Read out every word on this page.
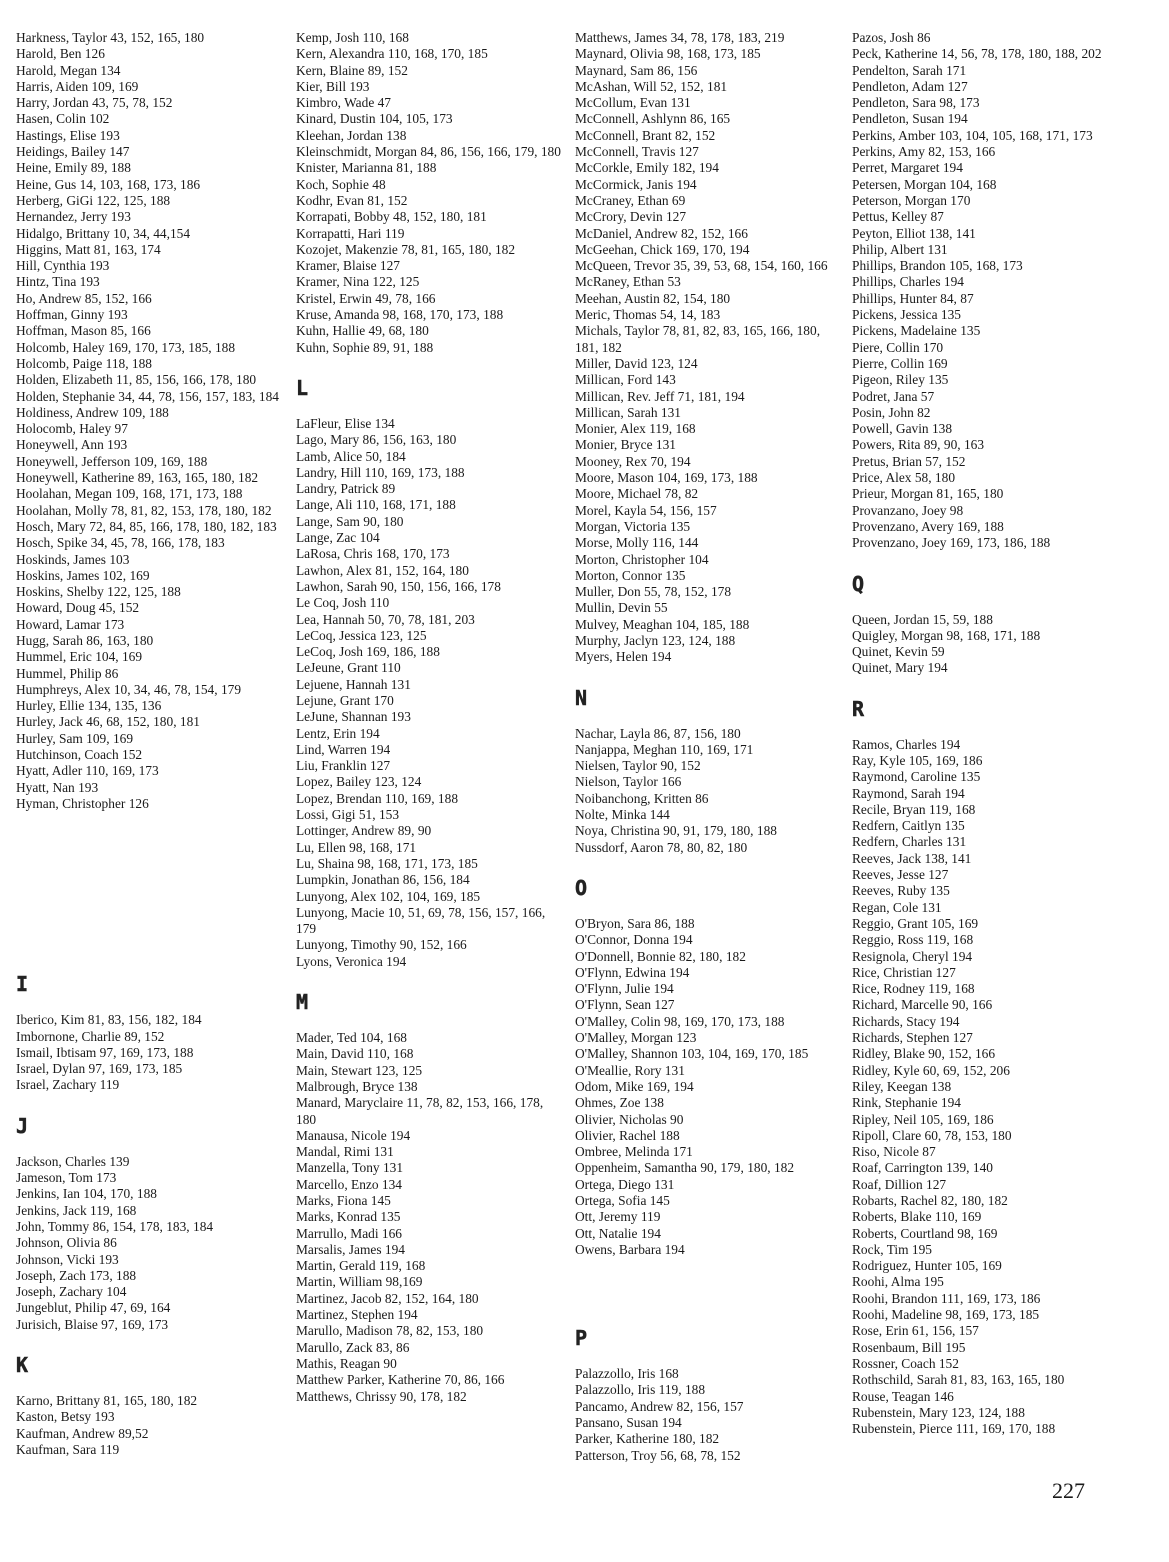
Harkness, Taylor 43, 152, 165, 180
Harold, Ben 126
Harold, Megan 134
Harris, Aiden 109, 169
Harry, Jordan 43, 75, 78, 152
Hasen, Colin 102
Hastings, Elise 193
Heidings, Bailey 147
Heine, Emily 89, 188
Heine, Gus 14, 103, 168, 173, 186
Herberg, GiGi 122, 125, 188
Hernandez, Jerry 193
Hidalgo, Brittany 10, 34, 44,154
Higgins, Matt 81, 163, 174
Hill, Cynthia 193
Hintz, Tina 193
Ho, Andrew 85, 152, 166
Hoffman, Ginny 193
Hoffman, Mason 85, 166
Holcomb, Haley 169, 170, 173, 185, 188
Holcomb, Paige 118, 188
Holden, Elizabeth 11, 85, 156, 166, 178, 180
Holden, Stephanie 34, 44, 78, 156, 157, 183, 184
Holdiness, Andrew 109, 188
Holocomb, Haley 97
Honeywell, Ann 193
Honeywell, Jefferson 109, 169, 188
Honeywell, Katherine 89, 163, 165, 180, 182
Hoolahan, Megan 109, 168, 171, 173, 188
Hoolahan, Molly 78, 81, 82, 153, 178, 180, 182
Hosch, Mary 72, 84, 85, 166, 178, 180, 182, 183
Hosch, Spike 34, 45, 78, 166, 178, 183
Hoskinds, James 103
Hoskins, James 102, 169
Hoskins, Shelby 122, 125, 188
Howard, Doug 45, 152
Howard, Lamar 173
Hugg, Sarah 86, 163, 180
Hummel, Eric 104, 169
Hummel, Philip 86
Humphreys, Alex 10, 34, 46, 78, 154, 179
Hurley, Ellie 134, 135, 136
Hurley, Jack 46, 68, 152, 180, 181
Hurley, Sam 109, 169
Hutchinson, Coach 152
Hyatt, Adler 110, 169, 173
Hyatt, Nan 193
Hyman, Christopher 126
I
Iberico, Kim 81, 83, 156, 182, 184
Imbornone, Charlie 89, 152
Ismail, Ibtisam 97, 169, 173, 188
Israel, Dylan 97, 169, 173, 185
Israel, Zachary 119
J
Jackson, Charles 139
Jameson, Tom 173
Jenkins, Ian 104, 170, 188
Jenkins, Jack 119, 168
John, Tommy 86, 154, 178, 183, 184
Johnson, Olivia 86
Johnson, Vicki 193
Joseph, Zach 173, 188
Joseph, Zachary 104
Jungeblut, Philip 47, 69, 164
Jurisich, Blaise 97, 169, 173
K
Karno, Brittany 81, 165, 180, 182
Kaston, Betsy 193
Kaufman, Andrew 89,52
Kaufman, Sara 119
Kemp, Josh 110, 168
Kern, Alexandra 110, 168, 170, 185
Kern, Blaine 89, 152
Kier, Bill 193
Kimbro, Wade 47
Kinard, Dustin 104, 105, 173
Kleehan, Jordan 138
Kleinschmidt, Morgan 84, 86, 156, 166, 179, 180
Knister, Marianna 81, 188
Koch, Sophie 48
Kodhr, Evan 81, 152
Korrapati, Bobby 48, 152, 180, 181
Korrapatti, Hari 119
Kozojet, Makenzie 78, 81, 165, 180, 182
Kramer, Blaise 127
Kramer, Nina 122, 125
Kristel, Erwin 49, 78, 166
Kruse, Amanda 98, 168, 170, 173, 188
Kuhn, Hallie 49, 68, 180
Kuhn, Sophie 89, 91, 188
L
LaFleur, Elise 134
Lago, Mary 86, 156, 163, 180
Lamb, Alice 50, 184
Landry, Hill 110, 169, 173, 188
Landry, Patrick 89
Lange, Ali 110, 168, 171, 188
Lange, Sam 90, 180
Lange, Zac 104
LaRosa, Chris 168, 170, 173
Lawhon, Alex 81, 152, 164, 180
Lawhon, Sarah 90, 150, 156, 166, 178
Le Coq, Josh 110
Lea, Hannah 50, 70, 78, 181, 203
LeCoq, Jessica 123, 125
LeCoq, Josh 169, 186, 188
LeJeune, Grant 110
Lejuene, Hannah 131
Lejune, Grant 170
LeJune, Shannan 193
Lentz, Erin 194
Lind, Warren 194
Liu, Franklin 127
Lopez, Bailey 123, 124
Lopez, Brendan 110, 169, 188
Lossi, Gigi 51, 153
Lottinger, Andrew 89, 90
Lu, Ellen 98, 168, 171
Lu, Shaina 98, 168, 171, 173, 185
Lumpkin, Jonathan 86, 156, 184
Lunyong, Alex 102, 104, 169, 185
Lunyong, Macie 10, 51, 69, 78, 156, 157, 166, 179
Lunyong, Timothy 90, 152, 166
Lyons, Veronica 194
M
Mader, Ted 104, 168
Main, David 110, 168
Main, Stewart 123, 125
Malbrough, Bryce 138
Manard, Maryclaire 11, 78, 82, 153, 166, 178, 180
Manausa, Nicole 194
Mandal, Rimi 131
Manzella, Tony 131
Marcello, Enzo 134
Marks, Fiona 145
Marks, Konrad 135
Marrullo, Madi 166
Marsalis, James 194
Martin, Gerald 119, 168
Martin, William 98,169
Martinez, Jacob 82, 152, 164, 180
Martinez, Stephen 194
Marullo, Madison 78, 82, 153, 180
Marullo, Zack 83, 86
Mathis, Reagan 90
Matthew Parker, Katherine 70, 86, 166
Matthews, Chrissy 90, 178, 182
Matthews, James 34, 78, 178, 183, 219
Maynard, Olivia 98, 168, 173, 185
Maynard, Sam 86, 156
McAshan, Will 52, 152, 181
McCollum, Evan 131
McConnell, Ashlynn 86, 165
McConnell, Brant 82, 152
McConnell, Travis 127
McCorkle, Emily 182, 194
McCormick, Janis 194
McCraney, Ethan 69
McCrory, Devin 127
McDaniel, Andrew 82, 152, 166
McGeehan, Chick 169, 170, 194
McQueen, Trevor 35, 39, 53, 68, 154, 160, 166
McRaney, Ethan 53
Meehan, Austin 82, 154, 180
Meric, Thomas 54, 14, 183
Michals, Taylor 78, 81, 82, 83, 165, 166, 180, 181, 182
Miller, David 123, 124
Millican, Ford 143
Millican, Rev. Jeff 71, 181, 194
Millican, Sarah 131
Monier, Alex 119, 168
Monier, Bryce 131
Mooney, Rex 70, 194
Moore, Mason 104, 169, 173, 188
Moore, Michael 78, 82
Morel, Kayla 54, 156, 157
Morgan, Victoria 135
Morse, Molly 116, 144
Morton, Christopher 104
Morton, Connor 135
Muller, Don 55, 78, 152, 178
Mullin, Devin 55
Mulvey, Meaghan 104, 185, 188
Murphy, Jaclyn 123, 124, 188
Myers, Helen 194
N
Nachar, Layla 86, 87, 156, 180
Nanjappa, Meghan 110, 169, 171
Nielsen, Taylor 90, 152
Nielson, Taylor 166
Noibanchong, Kritten 86
Nolte, Minka 144
Noya, Christina 90, 91, 179, 180, 188
Nussdorf, Aaron 78, 80, 82, 180
O
O'Bryon, Sara 86, 188
O'Connor, Donna 194
O'Donnell, Bonnie 82, 180, 182
O'Flynn, Edwina 194
O'Flynn, Julie 194
O'Flynn, Sean 127
O'Malley, Colin 98, 169, 170, 173, 188
O'Malley, Morgan 123
O'Malley, Shannon 103, 104, 169, 170, 185
O'Meallie, Rory 131
Odom, Mike 169, 194
Ohmes, Zoe 138
Olivier, Nicholas 90
Olivier, Rachel 188
Ombree, Melinda 171
Oppenheim, Samantha 90, 179, 180, 182
Ortega, Diego 131
Ortega, Sofia 145
Ott, Jeremy 119
Ott, Natalie 194
Owens, Barbara 194
P
Palazzollo, Iris 168
Palazzollo, Iris 119, 188
Pancamo, Andrew 82, 156, 157
Pansano, Susan 194
Parker, Katherine 180, 182
Patterson, Troy 56, 68, 78, 152
Pazos, Josh 86
Peck, Katherine 14, 56, 78, 178, 180, 188, 202
Pendelton, Sarah 171
Pendleton, Adam 127
Pendleton, Sara 98, 173
Pendleton, Susan 194
Perkins, Amber 103, 104, 105, 168, 171, 173
Perkins, Amy 82, 153, 166
Perret, Margaret 194
Petersen, Morgan 104, 168
Peterson, Morgan 170
Pettus, Kelley 87
Peyton, Elliot 138, 141
Philip, Albert 131
Phillips, Brandon 105, 168, 173
Phillips, Charles 194
Phillips, Hunter 84, 87
Pickens, Jessica 135
Pickens, Madelaine 135
Piere, Collin 170
Pierre, Collin 169
Pigeon, Riley 135
Podret, Jana 57
Posin, John 82
Powell, Gavin 138
Powers, Rita 89, 90, 163
Pretus, Brian 57, 152
Price, Alex 58, 180
Prieur, Morgan 81, 165, 180
Provanzano, Joey 98
Provenzano, Avery 169, 188
Provenzano, Joey 169, 173, 186, 188
Q
Queen, Jordan 15, 59, 188
Quigley, Morgan 98, 168, 171, 188
Quinet, Kevin 59
Quinet, Mary 194
R
Ramos, Charles 194
Ray, Kyle 105, 169, 186
Raymond, Caroline 135
Raymond, Sarah 194
Recile, Bryan 119, 168
Redfern, Caitlyn 135
Redfern, Charles 131
Reeves, Jack 138, 141
Reeves, Jesse 127
Reeves, Ruby 135
Regan, Cole 131
Reggio, Grant 105, 169
Reggio, Ross 119, 168
Resignola, Cheryl 194
Rice, Christian 127
Rice, Rodney 119, 168
Richard, Marcelle 90, 166
Richards, Stacy 194
Richards, Stephen 127
Ridley, Blake 90, 152, 166
Ridley, Kyle 60, 69, 152, 206
Riley, Keegan 138
Rink, Stephanie 194
Ripley, Neil 105, 169, 186
Ripoll, Clare 60, 78, 153, 180
Riso, Nicole 87
Roaf, Carrington 139, 140
Roaf, Dillion 127
Robarts, Rachel 82, 180, 182
Roberts, Blake 110, 169
Roberts, Courtland 98, 169
Rock, Tim 195
Rodriguez, Hunter 105, 169
Roohi, Alma 195
Roohi, Brandon 111, 169, 173, 186
Roohi, Madeline 98, 169, 173, 185
Rose, Erin 61, 156, 157
Rosenbaum, Bill 195
Rossner, Coach 152
Rothschild, Sarah 81, 83, 163, 165, 180
Rouse, Teagan 146
Rubenstein, Mary 123, 124, 188
Rubenstein, Pierce 111, 169, 170, 188
227
